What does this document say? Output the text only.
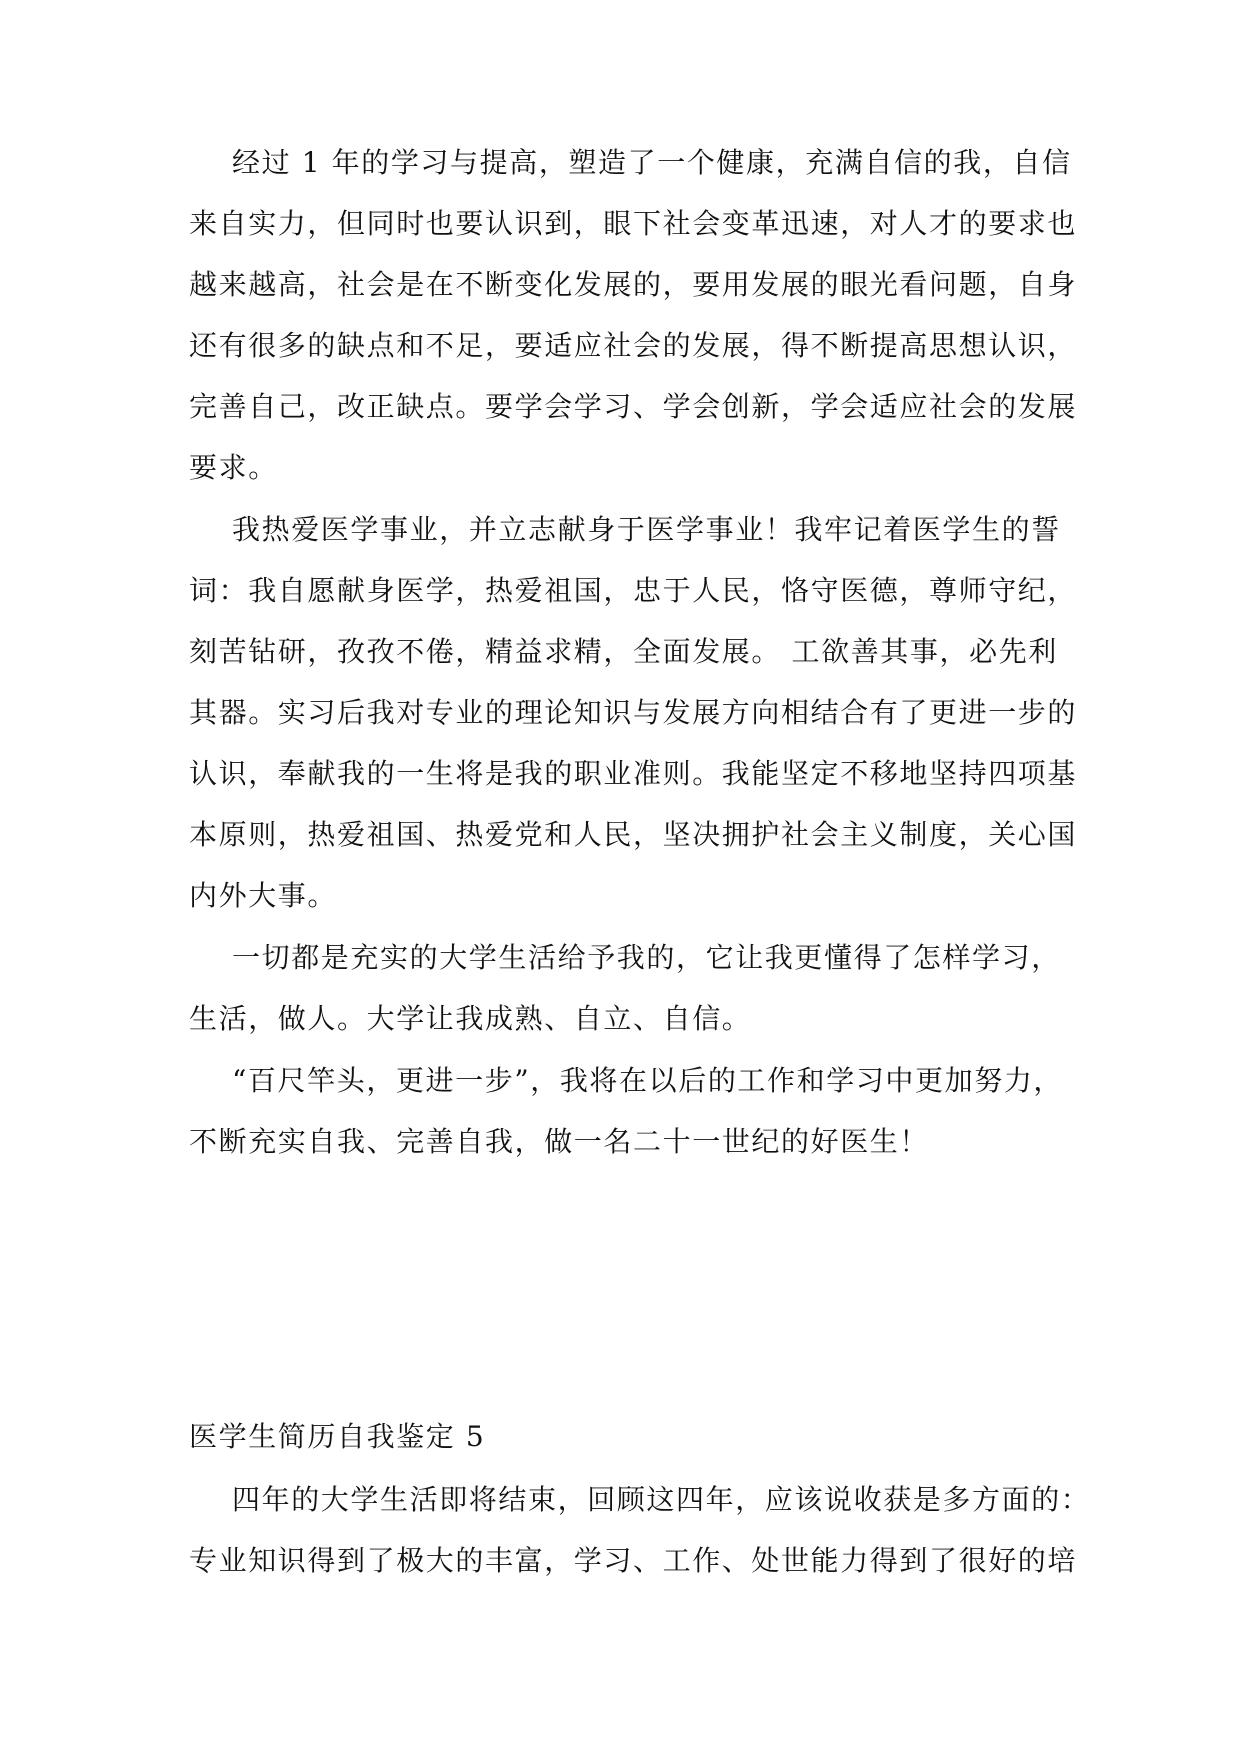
经过 1 年的学习与提高，塑造了一个健康，充满自信的我，自信
来自实力，但同时也要认识到，眼下社会变革迅速，对人才的要求也
越来越高，社会是在不断变化发展的，要用发展的眼光看问题，自身
还有很多的缺点和不足，要适应社会的发展，得不断提高思想认识，
完善自己，改正缺点。要学会学习、学会创新，学会适应社会的发展
要求。
我热爱医学事业，并立志献身于医学事业！我牢记着医学生的誓
词：我自愿献身医学，热爱祖国，忠于人民，恪守医德，尊师守纪，
刻苦钻研，孜孜不倦，精益求精，全面发展。 工欲善其事，必先利
其器。实习后我对专业的理论知识与发展方向相结合有了更进一步的
认识，奉献我的一生将是我的职业准则。我能坚定不移地坚持四项基
本原则，热爱祖国、热爱党和人民，坚决拥护社会主义制度，关心国
内外大事。
一切都是充实的大学生活给予我的，它让我更懂得了怎样学习，
生活，做人。大学让我成熟、自立、自信。
“百尺竿头，更进一步”，我将在以后的工作和学习中更加努力，
不断充实自我、完善自我，做一名二十一世纪的好医生！
医学生简历自我鉴定 5
四年的大学生活即将结束，回顾这四年，应该说收获是多方面的：
专业知识得到了极大的丰富，学习、工作、处世能力得到了很好的培
